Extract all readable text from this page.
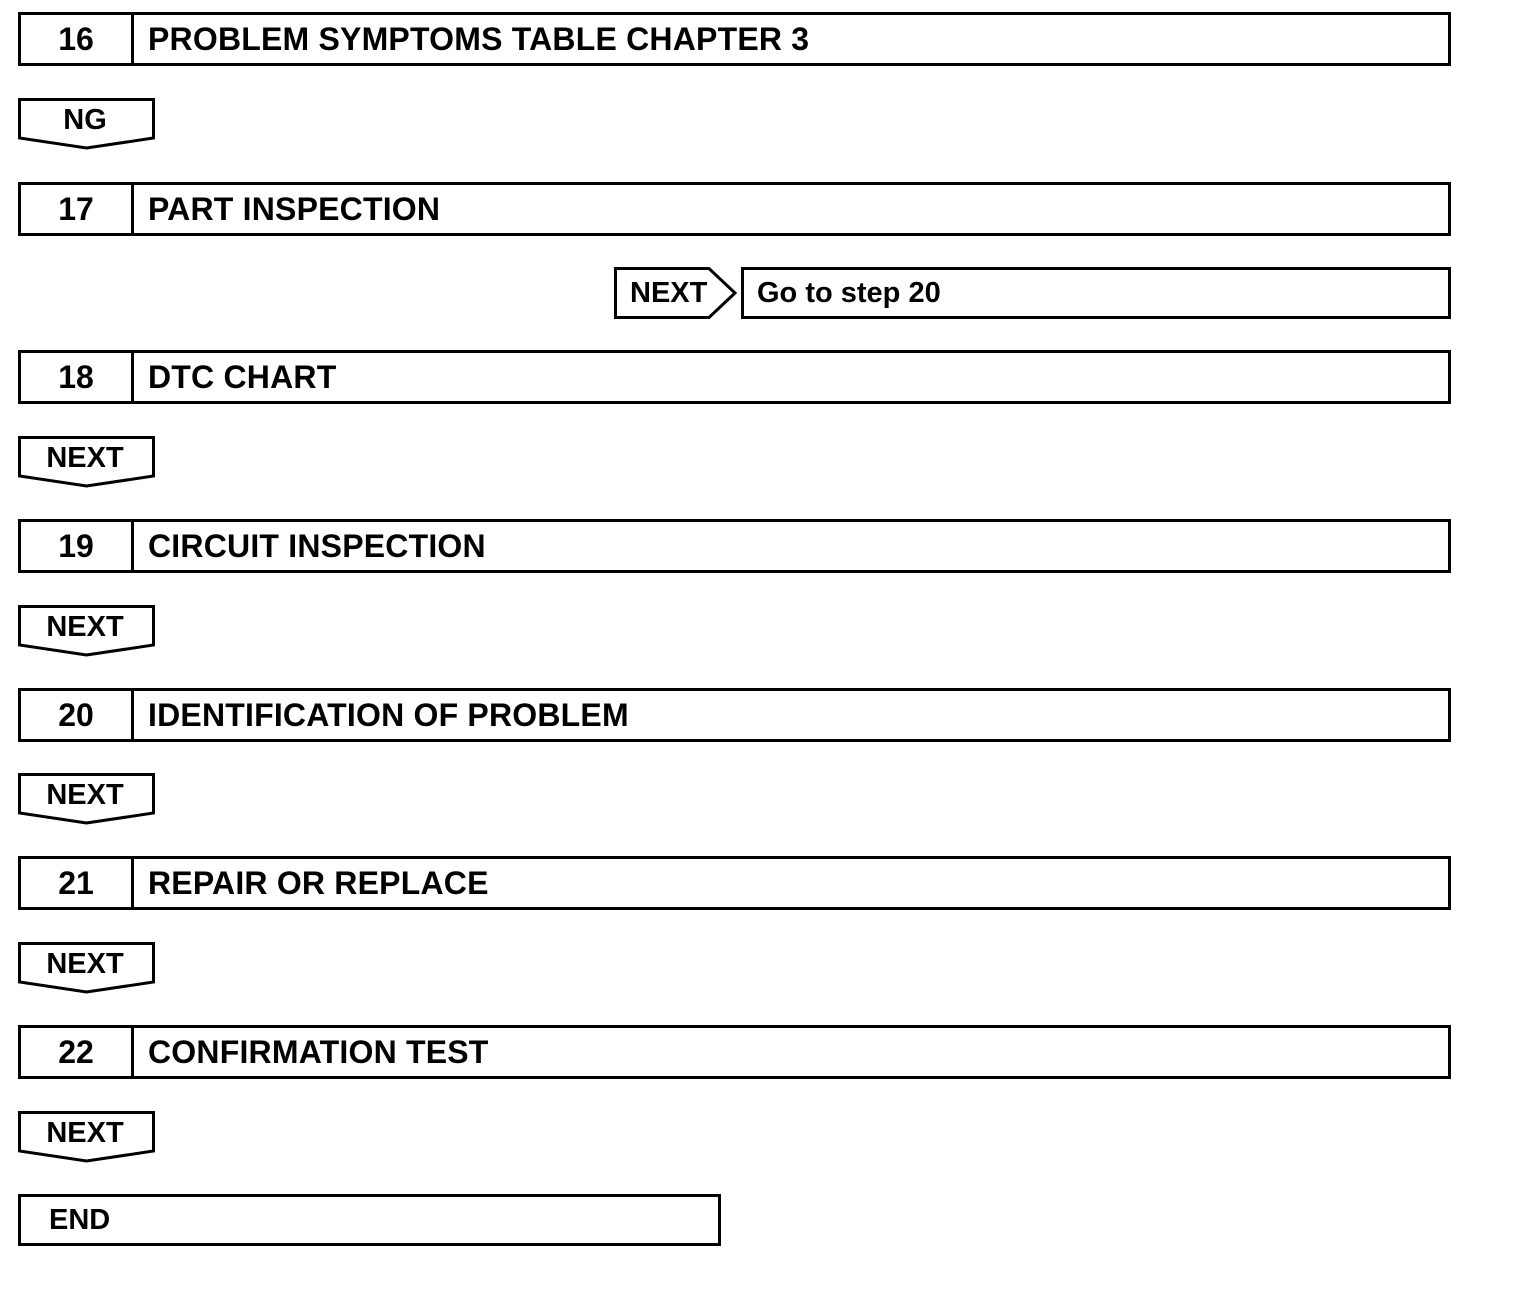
16	PROBLEM SYMPTOMS TABLE CHAPTER 3
NG
17	PART INSPECTION
NEXT	Go to step 20
18	DTC CHART
NEXT
19	CIRCUIT INSPECTION
NEXT
20	IDENTIFICATION OF PROBLEM
NEXT
21	REPAIR OR REPLACE
NEXT
22	CONFIRMATION TEST
NEXT
END
